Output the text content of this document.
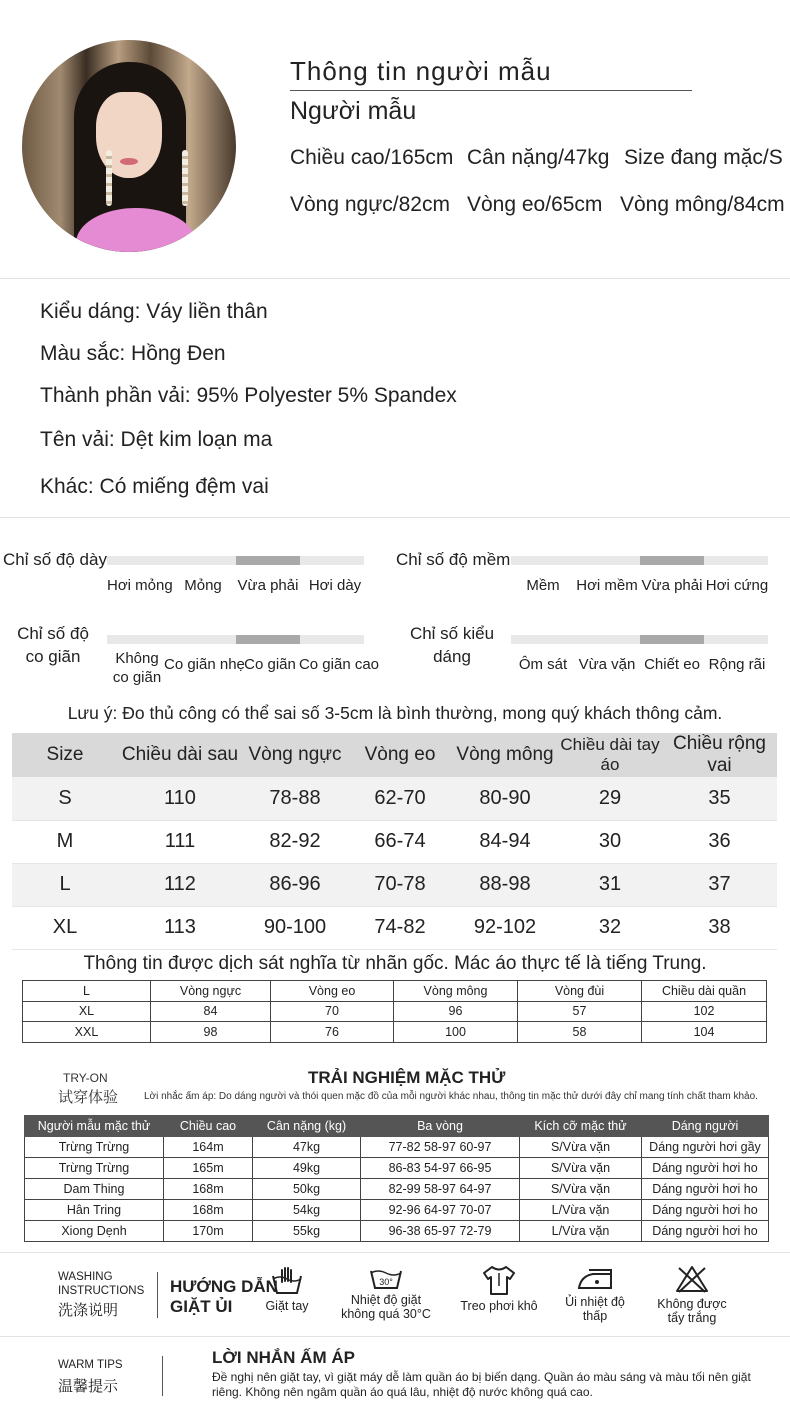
Thông tin người mẫu
Người mẫu
Chiều cao/165cm Cân nặng/47kg Size đang mặc/S
Vòng ngực/82cm Vòng eo/65cm Vòng mông/84cm
Kiểu dáng: Váy liền thân
Màu sắc: Hồng Đen
Thành phần vải: 95% Polyester 5% Spandex
Tên vải: Dệt kim loạn ma
Khác: Có miếng đệm vai
Chỉ số độ dày
Hơi mỏng Mỏng	Vừa phải Hơi dày
Chỉ số độ mềm
Mềm	Hơi mềm Vừa phải Hơi cứng
Chỉ số độ
co giãn	Không
co giãn
Co giãn nhẹ Co giãn Co giãn cao
Chỉ số kiểu
dáng	Ôm sát Vừa vặn Chiết eo Rộng rãi
Lưu ý: Đo thủ công có thể sai số 3-5cm là bình thường, mong quý khách thông cảm.
Size	Chiều dài sau	Vòng ngực	Vòng eo	Vòng mông	Chiều dài tay áo	Chiều rộng vai
S	110	78-88	62-70	80-90	29	35
M	111	82-92	66-74	84-94	30	36
L	112	86-96	70-78	88-98	31	37
XL	113	90-100	74-82	92-102	32	38
Thông tin được dịch sát nghĩa từ nhãn gốc. Mác áo thực tế là tiếng Trung.
L	Vòng ngực	Vòng eo	Vòng mông	Vòng đùi	Chiều dài quần
XL	84	70	96	57	102
XXL	98	76	100	58	104
TRY-ON
试穿体验
TRẢI NGHIỆM MẶC THỬ
Lời nhắc ấm áp: Do dáng người và thói quen mặc đồ của mỗi người khác nhau, thông tin mặc thử dưới đây chỉ mang tính chất tham khảo.
Người mẫu mặc thử	Chiều cao	Cân nặng (kg)	Ba vòng	Kích cỡ mặc thử	Dáng người
Trừng Trừng	164m	47kg	77-82 58-97 60-97	S/Vừa vặn	Dáng người hơi gầy
Trừng Trừng	165m	49kg	86-83 54-97 66-95	S/Vừa vặn	Dáng người hơi ho
Dam Thing	168m	50kg	82-99 58-97 64-97	S/Vừa vặn	Dáng người hơi ho
Hân Tring	168m	54kg	92-96 64-97 70-07	L/Vừa vặn	Dáng người hơi ho
Xiong Dẹnh	170m	55kg	96-38 65-97 72-79	L/Vừa vặn	Dáng người hơi ho
WASHING
INSTRUCTIONS
洗涤说明
HƯỚNG DẪN
GIẶT ỦI	Giặt tay
30°
Nhiệt độ giặt
không quá 30°C
Treo phơi khô	Ủi nhiệt độ
thấp
Không được
tẩy trắng
WARM TIPS
温馨提示
LỜI NHẮN ẤM ÁP
Đề nghị nên giặt tay, vì giặt máy dễ làm quần áo bị biến dạng. Quần áo màu sáng và màu tối nên giặt riêng. Không nên ngâm quần áo quá lâu, nhiệt độ nước không quá cao.
